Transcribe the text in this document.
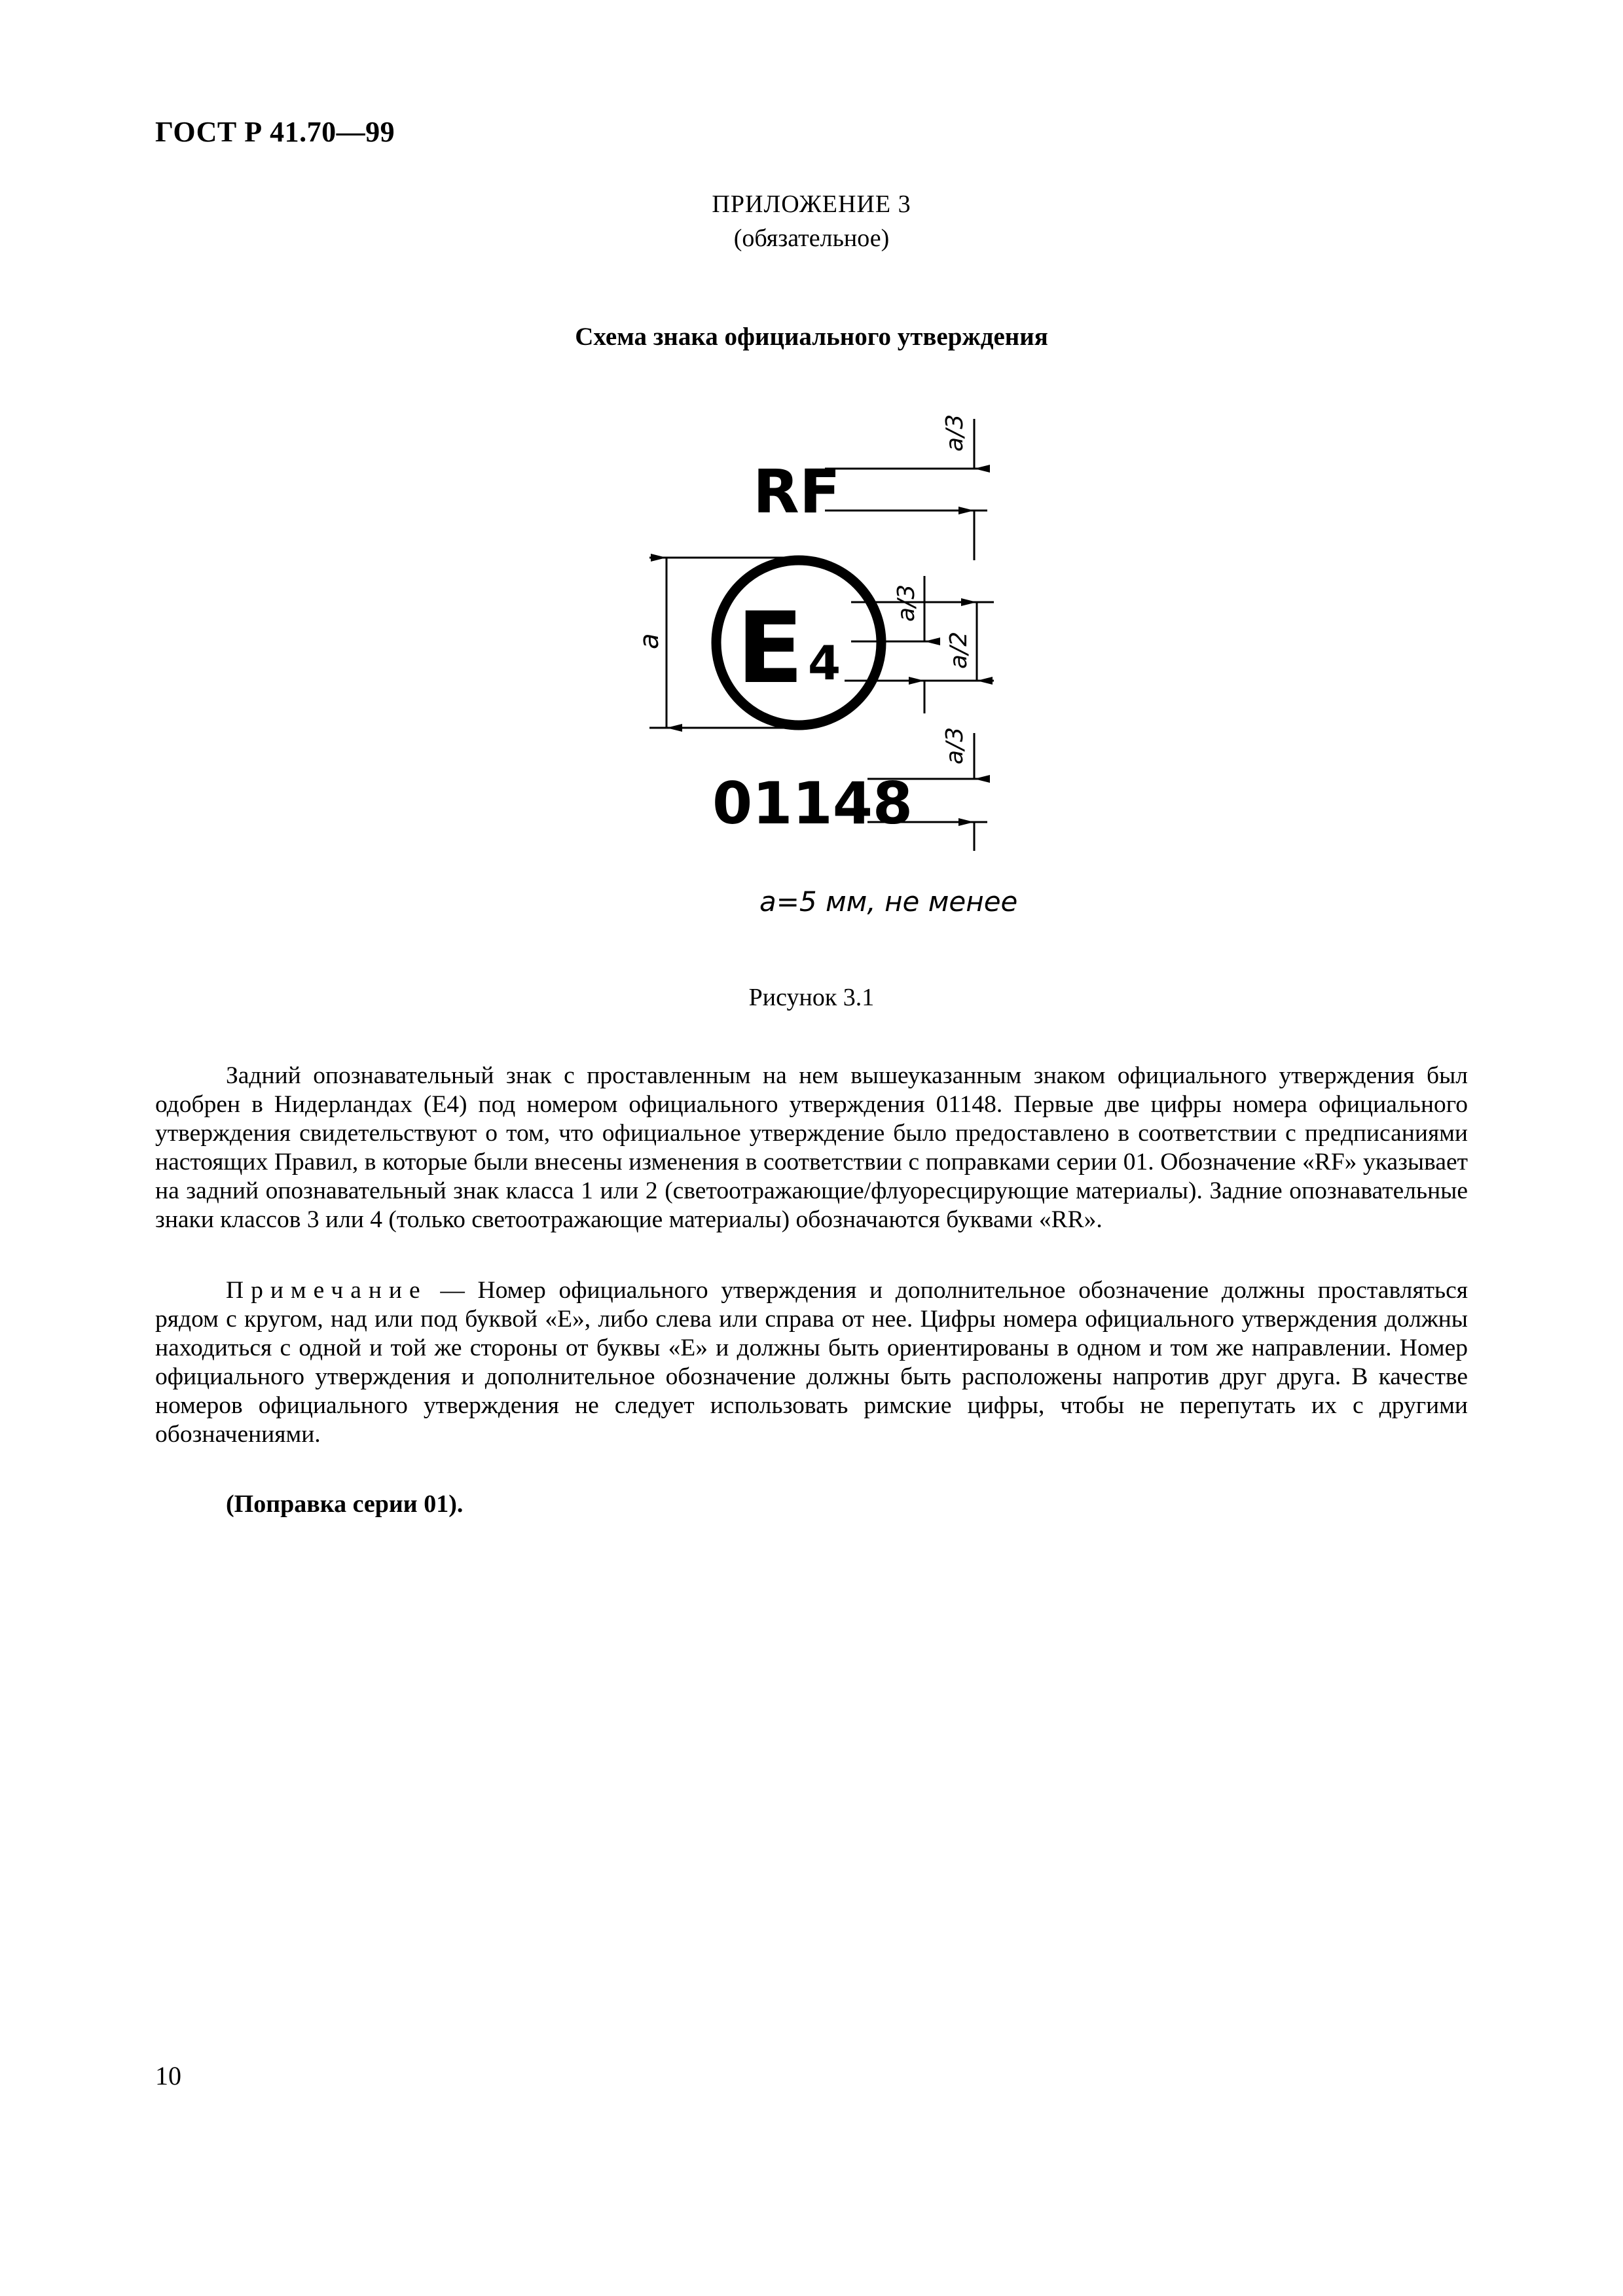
ГОСТ Р 41.70—99
ПРИЛОЖЕНИЕ 3
(обязательное)
Схема знака официального утверждения
RF
a/3
E 4
a	a/2
a/3
01148
a/3
a=5 мм, не менее
Рисунок 3.1

Задний опознавательный знак с проставленным на нем вышеуказанным знаком официального утверждения был одобрен в Нидерландах (E4) под номером официального утверждения 01148. Первые две цифры номера официального утверждения свидетельствуют о том, что официальное утверждение было предоставлено в соответствии с предписаниями настоящих Правил, в которые были внесены изменения в соответствии с поправками серии 01. Обозначение «RF» указывает на задний опознавательный знак класса 1 или 2 (светоотражающие/флуоресцирующие материалы). Задние опознавательные знаки классов 3 или 4 (только светоотражающие материалы) обозначаются буквами «RR».

Примечание — Номер официального утверждения и дополнительное обозначение должны проставляться рядом с кругом, над или под буквой «E», либо слева или справа от нее. Цифры номера официального утверждения должны находиться с одной и той же стороны от буквы «E» и должны быть ориентированы в одном и том же направлении. Номер официального утверждения и дополнительное обозначение должны быть расположены напротив друг друга. В качестве номеров официального утверждения не следует использовать римские цифры, чтобы не перепутать их с другими обозначениями.

(Поправка серии 01).
10
